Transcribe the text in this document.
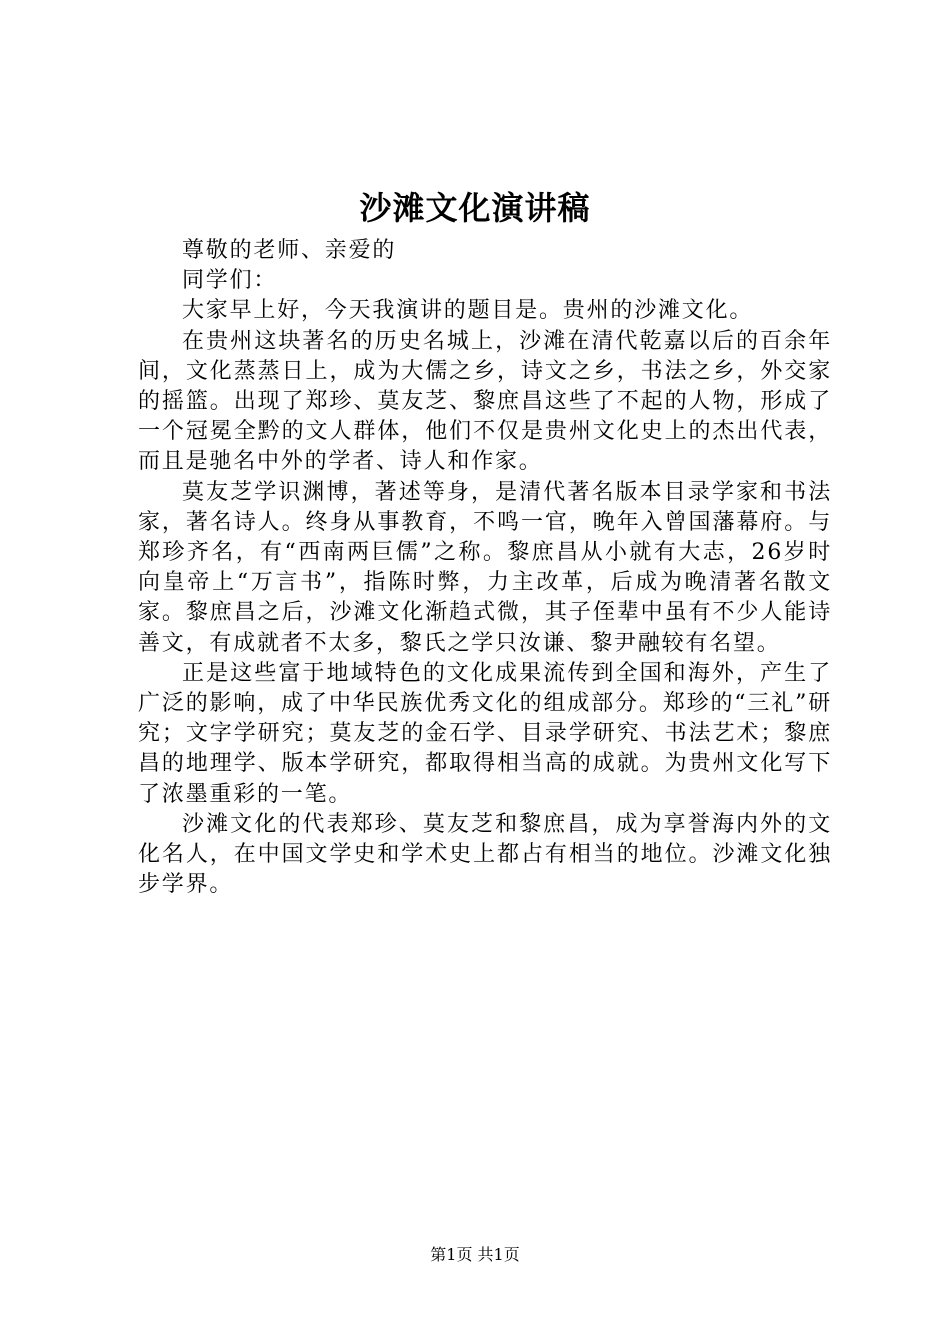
沙滩文化演讲稿

尊敬的老师、亲爱的

同学们：

大家早上好，今天我演讲的题目是。贵州的沙滩文化。

在贵州这块著名的历史名城上，沙滩在清代乾嘉以后的百余年间，文化蒸蒸日上，成为大儒之乡，诗文之乡，书法之乡，外交家的摇篮。出现了郑珍、莫友芝、黎庶昌这些了不起的人物，形成了一个冠冕全黔的文人群体，他们不仅是贵州文化史上的杰出代表，而且是驰名中外的学者、诗人和作家。

莫友芝学识渊博，著述等身，是清代著名版本目录学家和书法家，著名诗人。终身从事教育，不鸣一官，晚年入曾国藩幕府。与郑珍齐名，有“西南两巨儒”之称。黎庶昌从小就有大志，26岁时向皇帝上“万言书”，指陈时弊，力主改革，后成为晚清著名散文家。黎庶昌之后，沙滩文化渐趋式微，其子侄辈中虽有不少人能诗善文，有成就者不太多，黎氏之学只汝谦、黎尹融较有名望。

正是这些富于地域特色的文化成果流传到全国和海外，产生了广泛的影响，成了中华民族优秀文化的组成部分。郑珍的“三礼”研究；文字学研究；莫友芝的金石学、目录学研究、书法艺术；黎庶昌的地理学、版本学研究，都取得相当高的成就。为贵州文化写下了浓墨重彩的一笔。

沙滩文化的代表郑珍、莫友芝和黎庶昌，成为享誉海内外的文化名人，在中国文学史和学术史上都占有相当的地位。沙滩文化独步学界。

第1页 共1页
